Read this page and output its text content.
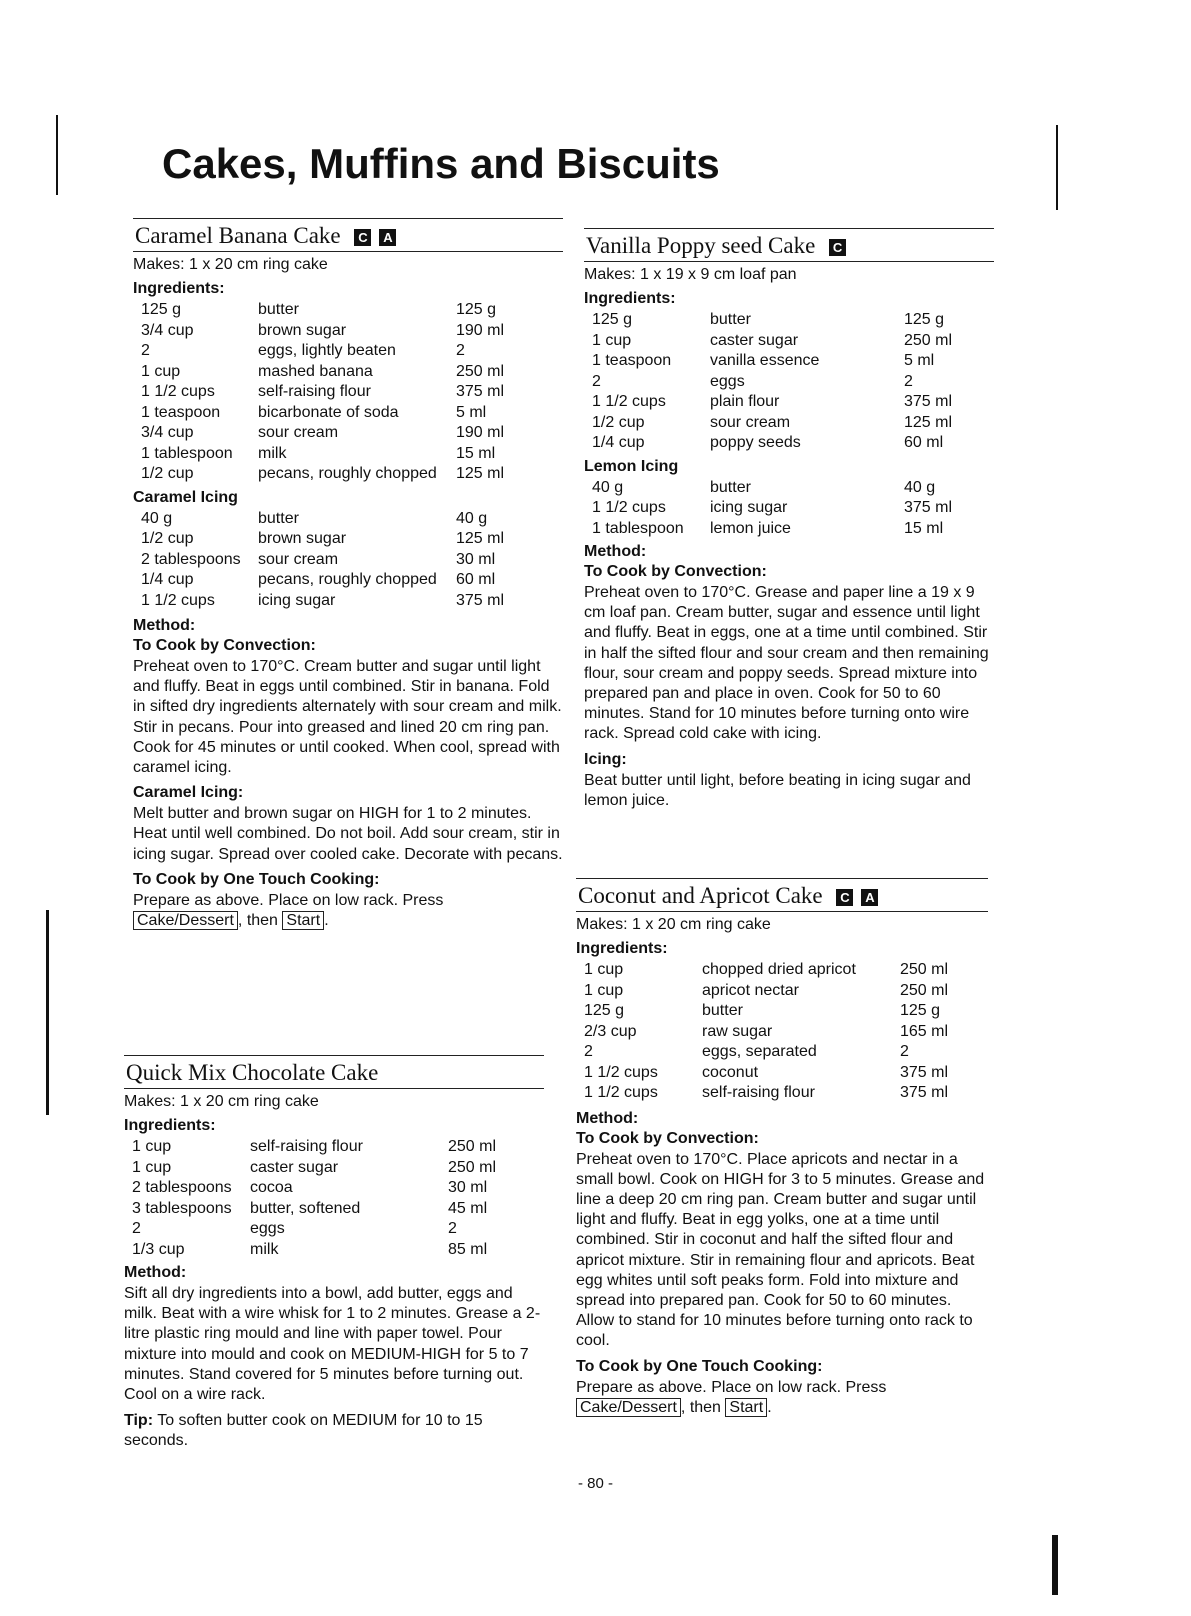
Cakes, Muffins and Biscuits
Caramel Banana Cake C A
Makes: 1 x 20 cm ring cake
Ingredients:
125 g	butter	125 g
3/4 cup	brown sugar	190 ml
2	eggs, lightly beaten	2
1 cup	mashed banana	250 ml
1 1/2 cups	self-raising flour	375 ml
1 teaspoon	bicarbonate of soda	5 ml
3/4 cup	sour cream	190 ml
1 tablespoon	milk	15 ml
1/2 cup	pecans, roughly chopped	125 ml
Caramel Icing
40 g	butter	40 g
1/2 cup	brown sugar	125 ml
2 tablespoons	sour cream	30 ml
1/4 cup	pecans, roughly chopped	60 ml
1 1/2 cups	icing sugar	375 ml
Method:
To Cook by Convection:

Preheat oven to 170°C. Cream butter and sugar until light and fluffy. Beat in eggs until combined. Stir in banana. Fold in sifted dry ingredients alternately with sour cream and milk. Stir in pecans. Pour into greased and lined 20 cm ring pan. Cook for 45 minutes or until cooked. When cool, spread with caramel icing.

Caramel Icing:

Melt butter and brown sugar on HIGH for 1 to 2 minutes. Heat until well combined. Do not boil. Add sour cream, stir in icing sugar. Spread over cooled cake. Decorate with pecans.

To Cook by One Touch Cooking:

Prepare as above. Place on low rack. Press
Cake/Dessert , then Start .

Quick Mix Chocolate Cake
Makes: 1 x 20 cm ring cake
Ingredients:
1 cup	self-raising flour	250 ml
1 cup	caster sugar	250 ml
2 tablespoons	cocoa	30 ml
3 tablespoons	butter, softened	45 ml
2	eggs	2
1/3 cup	milk	85 ml
Method:

Sift all dry ingredients into a bowl, add butter, eggs and milk. Beat with a wire whisk for 1 to 2 minutes. Grease a 2-litre plastic ring mould and line with paper towel. Pour mixture into mould and cook on MEDIUM-HIGH for 5 to 7 minutes. Stand covered for 5 minutes before turning out. Cool on a wire rack.

Tip: To soften butter cook on MEDIUM for 10 to 15 seconds.

Vanilla Poppy seed Cake C
Makes: 1 x 19 x 9 cm loaf pan
Ingredients:
125 g	butter	125 g
1 cup	caster sugar	250 ml
1 teaspoon	vanilla essence	5 ml
2	eggs	2
1 1/2 cups	plain flour	375 ml
1/2 cup	sour cream	125 ml
1/4 cup	poppy seeds	60 ml
Lemon Icing
40 g	butter	40 g
1 1/2 cups	icing sugar	375 ml
1 tablespoon	lemon juice	15 ml
Method:
To Cook by Convection:

Preheat oven to 170°C. Grease and paper line a 19 x 9 cm loaf pan. Cream butter, sugar and essence until light and fluffy. Beat in eggs, one at a time until combined. Stir in half the sifted flour and sour cream and then remaining flour, sour cream and poppy seeds. Spread mixture into prepared pan and place in oven. Cook for 50 to 60 minutes. Stand for 10 minutes before turning onto wire rack. Spread cold cake with icing.

Icing:

Beat butter until light, before beating in icing sugar and lemon juice.

Coconut and Apricot Cake C A
Makes: 1 x 20 cm ring cake
Ingredients:
1 cup	chopped dried apricot	250 ml
1 cup	apricot nectar	250 ml
125 g	butter	125 g
2/3 cup	raw sugar	165 ml
2	eggs, separated	2
1 1/2 cups	coconut	375 ml
1 1/2 cups	self-raising flour	375 ml
Method:
To Cook by Convection:

Preheat oven to 170°C. Place apricots and nectar in a small bowl. Cook on HIGH for 3 to 5 minutes. Grease and line a deep 20 cm ring pan. Cream butter and sugar until light and fluffy. Beat in egg yolks, one at a time until combined. Stir in coconut and half the sifted flour and apricot mixture. Stir in remaining flour and apricots. Beat egg whites until soft peaks form. Fold into mixture and spread into prepared pan. Cook for 50 to 60 minutes. Allow to stand for 10 minutes before turning onto rack to cool.

To Cook by One Touch Cooking:

Prepare as above. Place on low rack. Press
Cake/Dessert , then Start .

- 80 -
